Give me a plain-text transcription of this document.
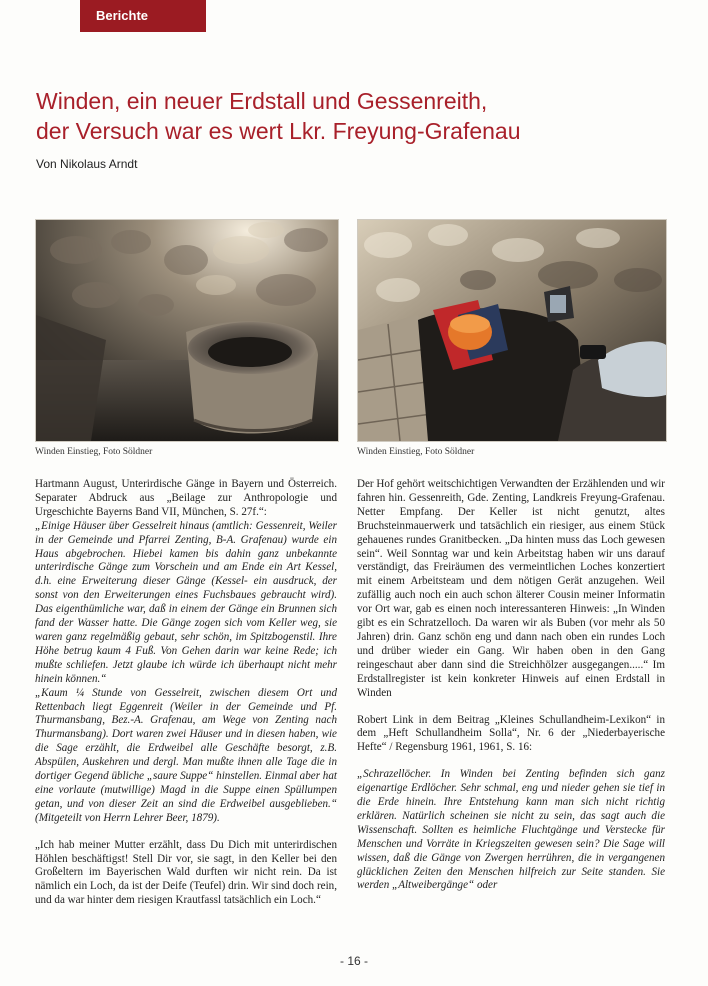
Berichte
Winden, ein neuer Erdstall und Gessenreith,
der Versuch war es wert Lkr. Freyung-Grafenau
Von Nikolaus Arndt
Winden Einstieg, Foto Söldner	Winden Einstieg, Foto Söldner

Hartmann August, Unterirdische Gänge in Bayern und Österreich. Separater Abdruck aus „Beilage zur Anthropologie und Urgeschichte Bayerns Band VII, München, S. 27f.“:

„Einige Häuser über Gesselreit hinaus (amtlich: Gessenreit, Weiler in der Gemeinde und Pfarrei Zenting, B-A. Grafenau) wurde ein Haus abgebrochen. Hiebei kamen bis dahin ganz unbekannte unterirdische Gänge zum Vorschein und am Ende ein Art Kessel, d.h. eine Erweiterung dieser Gänge (Kessel- ein ausdruck, der sonst von den Erweiterungen eines Fuchsbaues gebraucht wird). Das eigenthümliche war, daß in einem der Gänge ein Brunnen sich fand der Wasser hatte. Die Gänge zogen sich vom Keller weg, sie waren ganz regelmäßig gebaut, sehr schön, im Spitzbogenstil. Ihre Höhe betrug kaum 4 Fuß. Von Gehen darin war keine Rede; ich mußte schliefen. Jetzt glaube ich würde ich überhaupt nicht mehr hinein können.“

„Kaum ¼ Stunde von Gesselreit, zwischen diesem Ort und Rettenbach liegt Eggenreit (Weiler in der Gemeinde und Pf. Thurmansbang, Bez.-A. Grafenau, am Wege von Zenting nach Thurmansbang). Dort waren zwei Häuser und in diesen haben, wie die Sage erzählt, die Erdweibel alle Geschäfte besorgt, z.B. Abspülen, Auskehren und dergl. Man mußte ihnen alle Tage die in dortiger Gegend übliche „saure Suppe“ hinstellen. Einmal aber hat eine vorlaute (mutwillige) Magd in die Suppe einen Spüllumpen getan, und von dieser Zeit an sind die Erdweibel ausgeblieben.“ (Mitgeteilt von Herrn Lehrer Beer, 1879).

„Ich hab meiner Mutter erzählt, dass Du Dich mit unterirdischen Höhlen beschäftigst! Stell Dir vor, sie sagt, in den Keller bei den Großeltern im Bayerischen Wald durften wir nicht rein. Da ist nämlich ein Loch, da ist der Deife (Teufel) drin. Wir sind doch rein, und da war hinter dem riesigen Krautfassl tatsächlich ein Loch.“

Der Hof gehört weitschichtigen Verwandten der Erzählenden und wir fahren hin. Gessenreith, Gde. Zenting, Landkreis Freyung-Grafenau. Netter Empfang. Der Keller ist nicht genutzt, altes Bruchsteinmauerwerk und tatsächlich ein riesiger, aus einem Stück gehauenes rundes Granitbecken. „Da hinten muss das Loch gewesen sein“. Weil Sonntag war und kein Arbeitstag haben wir uns darauf verständigt, das Freiräumen des vermeintlichen Loches konzertiert mit einem Arbeitsteam und dem nötigen Gerät anzugehen. Weil zufällig auch noch ein auch schon älterer Cousin meiner Informatin vor Ort war, gab es einen noch interessanteren Hinweis: „In Winden gibt es ein Schratzelloch. Da waren wir als Buben (vor mehr als 50 Jahren) drin. Ganz schön eng und dann nach oben ein rundes Loch und drüber wieder ein Gang. Wir haben oben in den Gang reingeschaut aber dann sind die Streichhölzer ausgegangen.....“ Im Erdstallregister ist kein konkreter Hinweis auf einen Erdstall in Winden

Robert Link in dem Beitrag „Kleines Schullandheim-Lexikon“ in dem „Heft Schullandheim Solla“, Nr. 6 der „Niederbayerische Hefte“ / Regensburg 1961, 1961, S. 16:

„Schrazellöcher. In Winden bei Zenting befinden sich ganz eigenartige Erdlöcher. Sehr schmal, eng und nieder gehen sie tief in die Erde hinein. Ihre Entstehung kann man sich nicht richtig erklären. Natürlich scheinen sie nicht zu sein, das sagt auch die Wissenschaft. Sollten es heimliche Fluchtgänge und Verstecke für Menschen und Vorräte in Kriegszeiten gewesen sein? Die Sage will wissen, daß die Gänge von Zwergen herrühren, die in vergangenen glücklichen Zeiten den Menschen hilfreich zur Seite standen. Sie werden „Altweibergänge“ oder

- 16 -
